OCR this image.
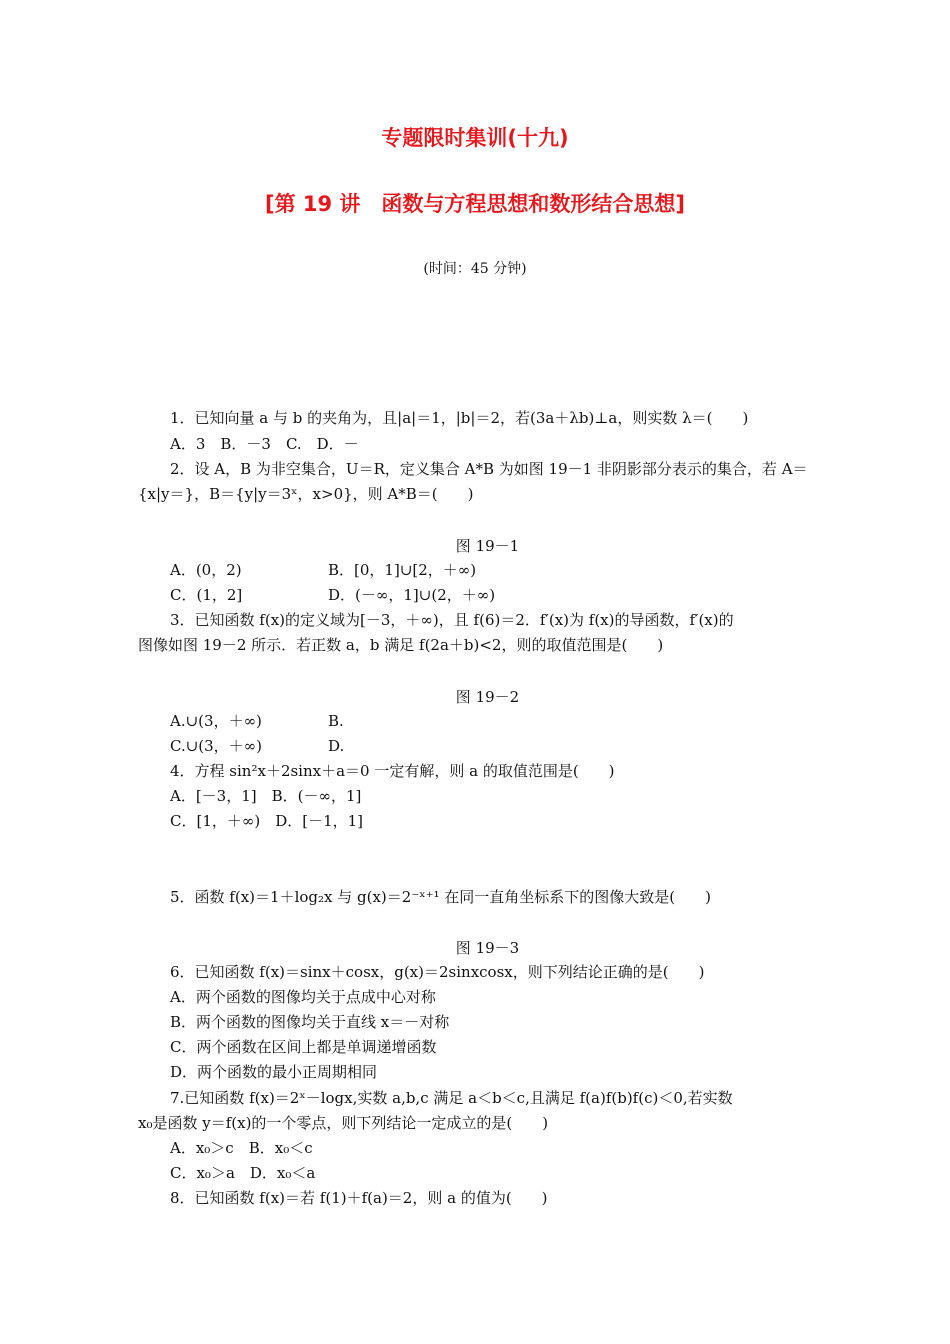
专题限时集训(十九)
[第 19 讲　函数与方程思想和数形结合思想]
(时间：45 分钟)
1．已知向量 a 与 b 的夹角为，且|a|＝1，|b|＝2，若(3a＋λb)⊥a，则实数 λ＝(　　)
A．3　B．－3　C.　D．－
2．设 A，B 为非空集合，U＝R，定义集合 A*B 为如图 19－1 非阴影部分表示的集合，若 A＝
{x|y＝}，B＝{y|y＝3ˣ，x>0}，则 A*B＝(　　)
A．(0，2)	B．[0，1]∪[2，＋∞)
C．(1，2]	D．(－∞，1]∪(2，＋∞)
3．已知函数 f(x)的定义域为[－3，＋∞)，且 f(6)＝2．f′(x)为 f(x)的导函数，f′(x)的
图像如图 19－2 所示．若正数 a，b 满足 f(2a＋b)<2，则的取值范围是(　　)
A.∪(3，＋∞)	B.
C.∪(3，＋∞)	D.
4．方程 sin²x＋2sinx＋a＝0 一定有解，则 a 的取值范围是(　　)
A．[－3，1]　B．(－∞，1]
C．[1，＋∞)　D．[－1，1]
5．函数 f(x)＝1＋log₂x 与 g(x)＝2⁻ˣ⁺¹ 在同一直角坐标系下的图像大致是(　　)
6．已知函数 f(x)＝sinx＋cosx，g(x)＝2sinxcosx，则下列结论正确的是(　　)
A．两个函数的图像均关于点成中心对称
B．两个函数的图像均关于直线 x＝－对称
C．两个函数在区间上都是单调递增函数
D．两个函数的最小正周期相同
7.已知函数 f(x)＝2ˣ－logx,实数 a,b,c 满足 a＜b＜c,且满足 f(a)f(b)f(c)＜0,若实数
x₀是函数 y＝f(x)的一个零点，则下列结论一定成立的是(　　)
A．x₀＞c　B．x₀＜c
C．x₀＞a　D．x₀＜a
8．已知函数 f(x)＝若 f(1)＋f(a)＝2，则 a 的值为(　　)
图 19－1
图 19－2
图 19－3
